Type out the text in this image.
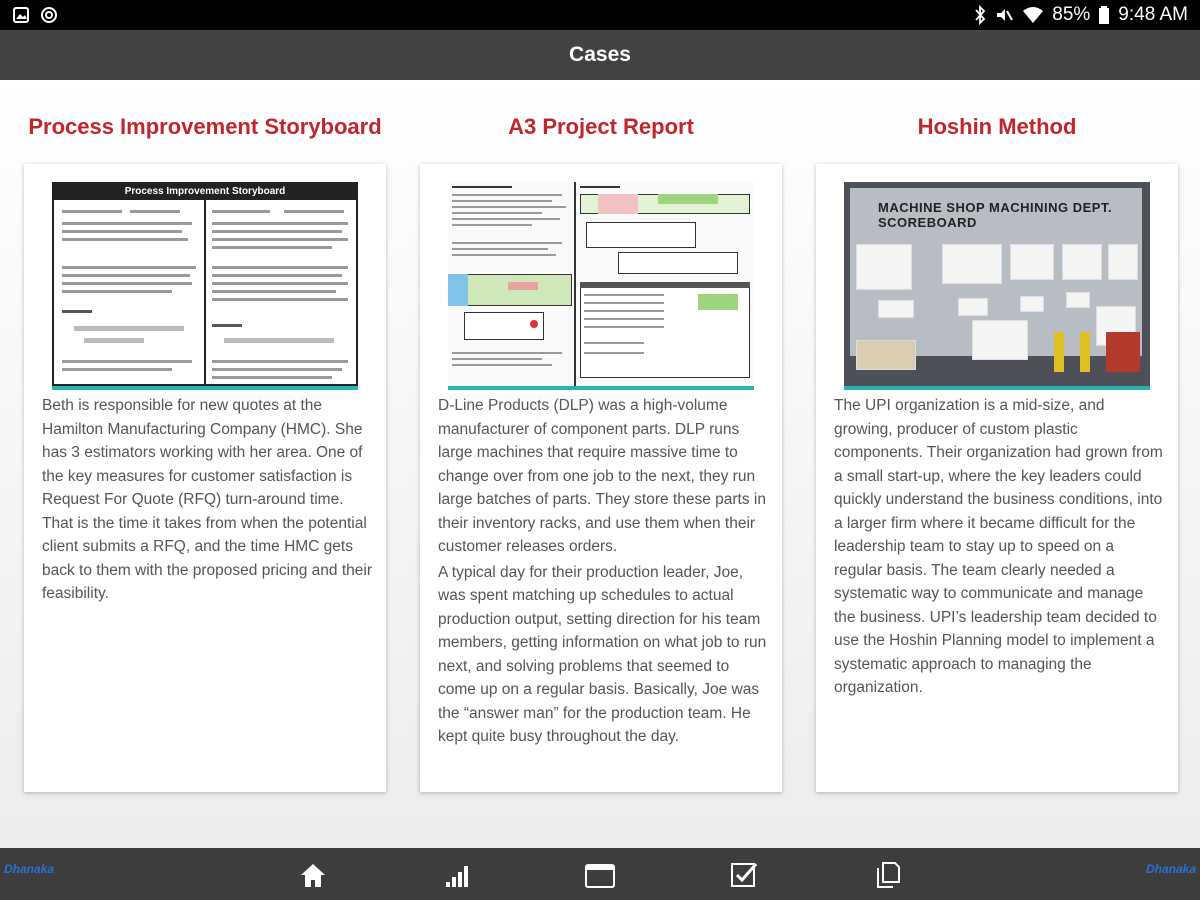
85% 9:48 AM
Cases
Process Improvement Storyboard
Process Improvement Storyboard

Beth is responsible for new quotes at the Hamilton Manufacturing Company (HMC). She has 3 estimators working with her area. One of the key measures for customer satisfaction is Request For Quote (RFQ) turn-around time. That is the time it takes from when the potential client submits a RFQ, and the time HMC gets back to them with the proposed pricing and their feasibility.

A3 Project Report

D-Line Products (DLP) was a high-volume manufacturer of component parts. DLP runs large machines that require massive time to change over from one job to the next, they run large batches of parts. They store these parts in their inventory racks, and use them when their customer releases orders.

A typical day for their production leader, Joe, was spent matching up schedules to actual production output, setting direction for his team members, getting information on what job to run next, and solving problems that seemed to come up on a regular basis. Basically, Joe was the “answer man” for the production team. He kept quite busy throughout the day.

Hoshin Method
MACHINE SHOP MACHINING DEPT. SCOREBOARD

The UPI organization is a mid-size, and growing, producer of custom plastic components. Their organization had grown from a small start-up, where the key leaders could quickly understand the business conditions, into a larger firm where it became difficult for the leadership team to stay up to speed on a regular basis. The team clearly needed a systematic way to communicate and manage the business. UPI’s leadership team decided to use the Hoshin Planning model to implement a systematic approach to managing the organization.

Dhanaka	Dhanaka
